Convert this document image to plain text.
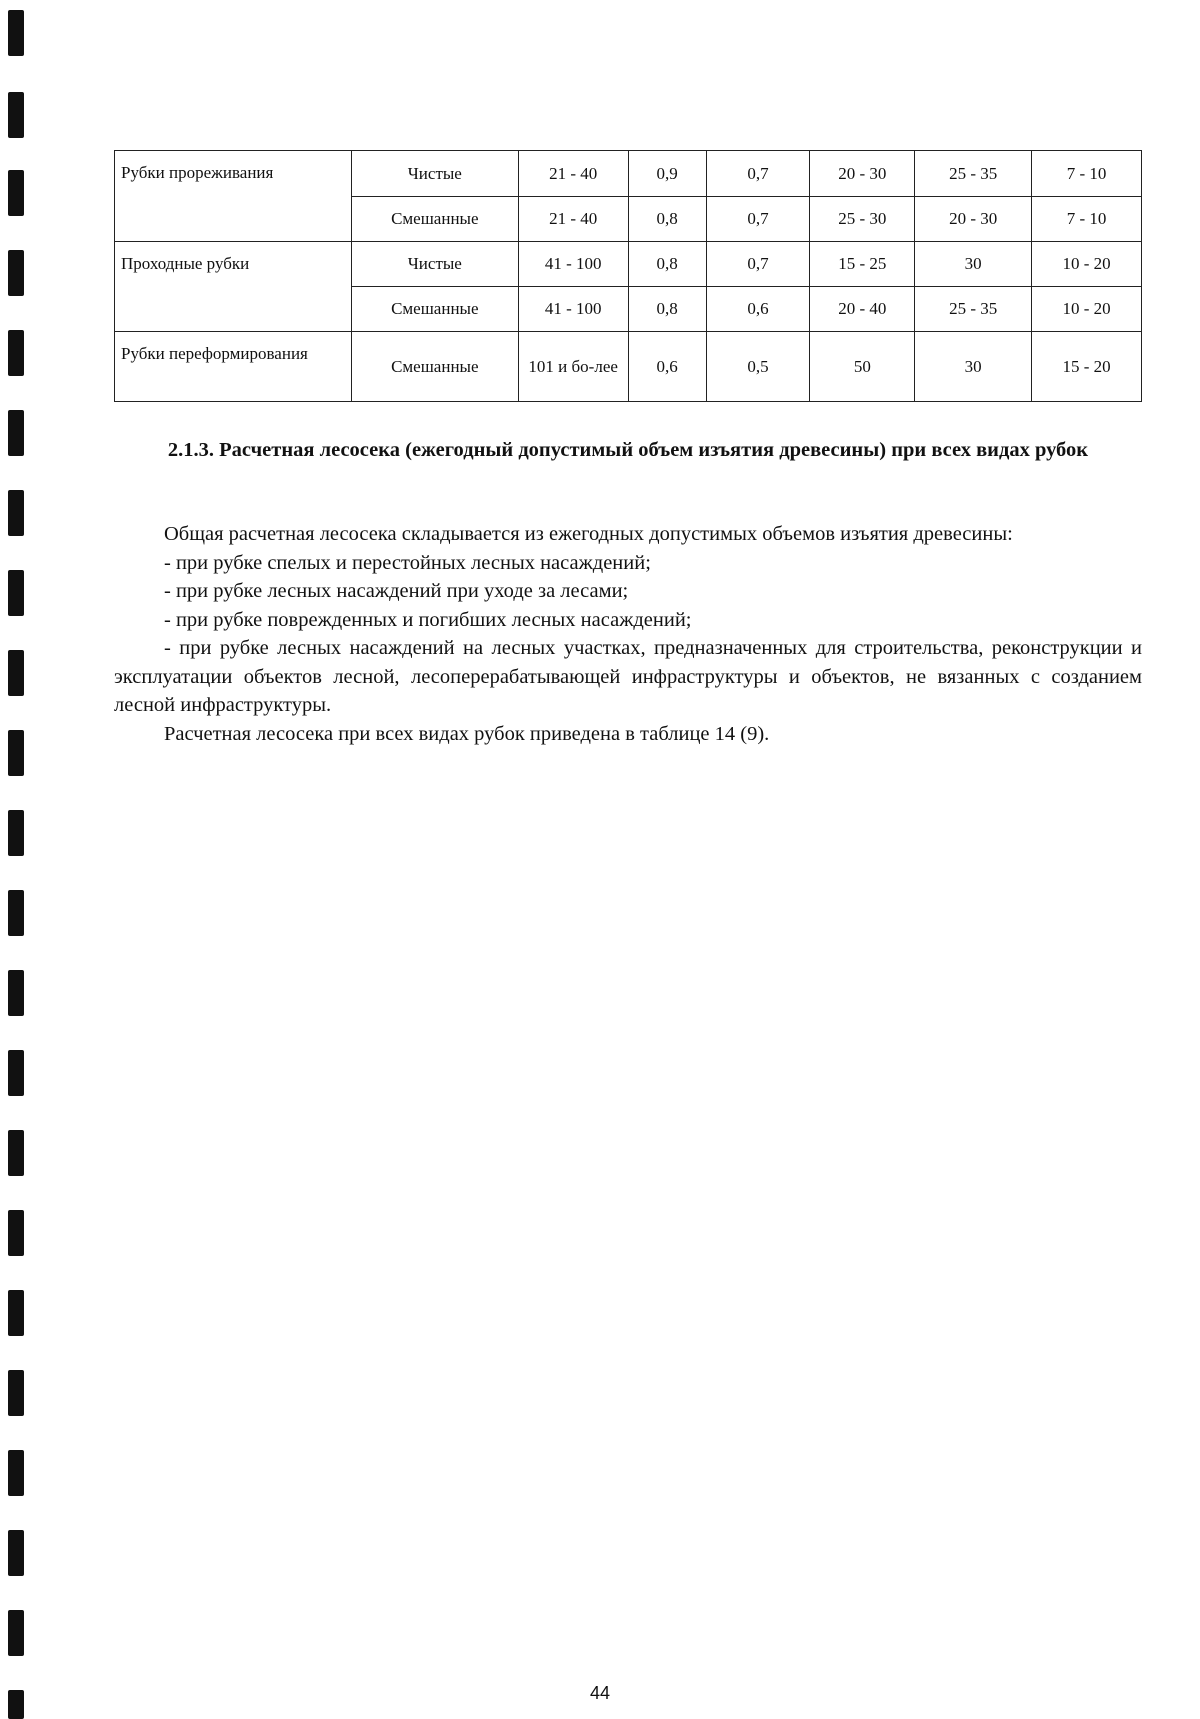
Рубки прореживания	Чистые	21 - 40	0,9	0,7	20 - 30	25 - 35	7 - 10
	Смешанные	21 - 40	0,8	0,7	25 - 30	20 - 30	7 - 10
Проходные рубки	Чистые	41 - 100	0,8	0,7	15 - 25	30	10 - 20
	Смешанные	41 - 100	0,8	0,6	20 - 40	25 - 35	10 - 20
Рубки переформирования	Смешанные	101 и бо-лее	0,6	0,5	50	30	15 - 20
2.1.3. Расчетная лесосека (ежегодный допустимый объем изъятия древесины) при всех видах рубок

Общая расчетная лесосека складывается из ежегодных допустимых объемов изъятия древесины:

- при рубке спелых и перестойных лесных насаждений;

- при рубке лесных насаждений при уходе за лесами;

- при рубке поврежденных и погибших лесных насаждений;

- при рубке лесных насаждений на лесных участках, предназначенных для строительства, реконструкции и эксплуатации объектов лесной, лесоперерабатывающей инфраструктуры и объектов, не вязанных с созданием лесной инфраструктуры.

Расчетная лесосека при всех видах рубок приведена в таблице 14 (9).

44
